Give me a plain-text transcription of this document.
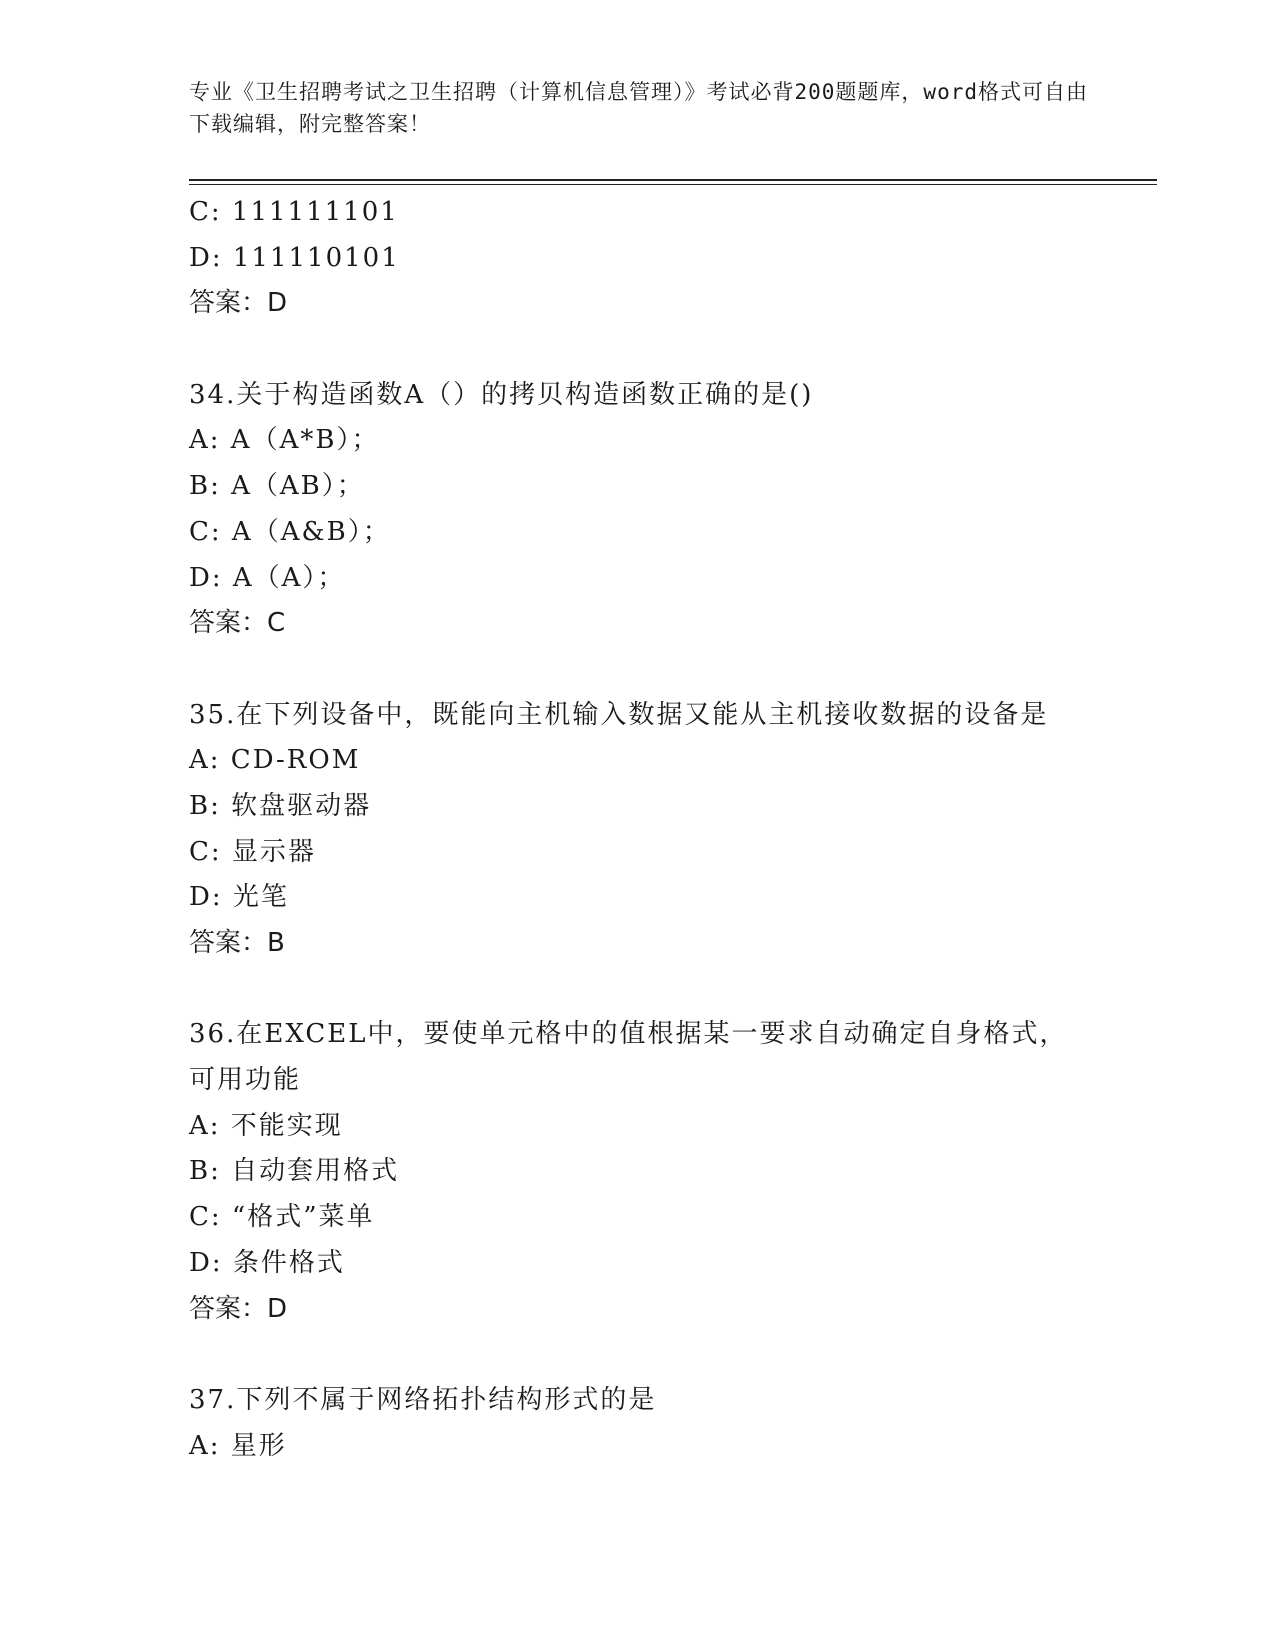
专业《卫生招聘考试之卫生招聘（计算机信息管理）》考试必背200题题库，word格式可自由下载编辑，附完整答案！
C: 111111101
D: 111110101
答案：D
34.关于构造函数A（）的拷贝构造函数正确的是()
A: A（A*B）；
B: A（AB）；
C: A（A&B）；
D: A（A）；
答案：C
35.在下列设备中，既能向主机输入数据又能从主机接收数据的设备是
A: CD-ROM
B: 软盘驱动器
C: 显示器
D: 光笔
答案：B
36.在EXCEL中，要使单元格中的值根据某一要求自动确定自身格式，
可用功能
A: 不能实现
B: 自动套用格式
C: “格式”菜单
D: 条件格式
答案：D
37.下列不属于网络拓扑结构形式的是
A: 星形
